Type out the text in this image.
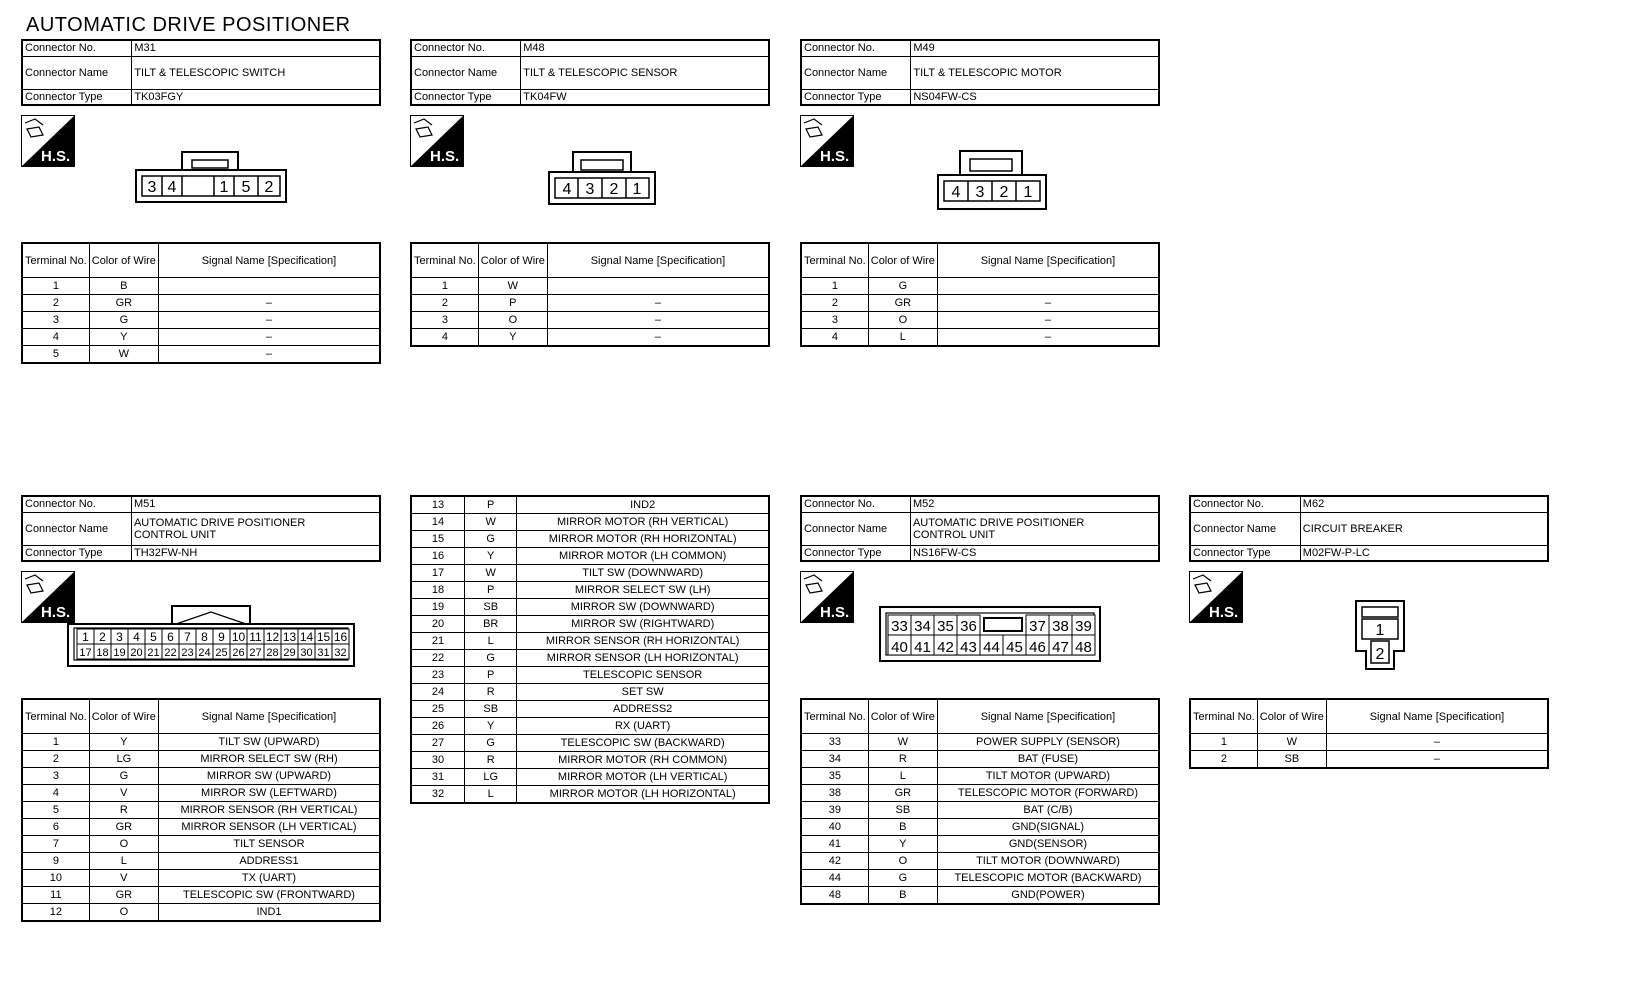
AUTOMATIC DRIVE POSITIONER
Connector No.	M31
Connector Name	TILT & TELESCOPIC SWITCH
Connector Type	TK03FGY
H.S.
3 4	1 5 2
Terminal No.	Color of Wire	Signal Name [Specification]
1	B	
2	GR	–
3	G	–
4	Y	–
5	W	–
Connector No.	M48
Connector Name	TILT & TELESCOPIC SENSOR
Connector Type	TK04FW
H.S.
4 3 2 1
Terminal No.	Color of Wire	Signal Name [Specification]
1	W	
2	P	–
3	O	–
4	Y	–
Connector No.	M49
Connector Name	TILT & TELESCOPIC MOTOR
Connector Type	NS04FW-CS
H.S.
4 3 2 1
Terminal No.	Color of Wire	Signal Name [Specification]
1	G	
2	GR	–
3	O	–
4	L	–
Connector No.	M51
Connector Name	AUTOMATIC DRIVE POSITIONER
CONTROL UNIT

Connector Type	TH32FW-NH
H.S.
1 2 3 4 5 6 7 8 9 10 11 12 13 14 15 16
17 18 19 20 21 22 23 24 25 26 27 28 29 30 31 32
Terminal No.	Color of Wire	Signal Name [Specification]
1	Y	TILT SW (UPWARD)
2	LG	MIRROR SELECT SW (RH)
3	G	MIRROR SW (UPWARD)
4	V	MIRROR SW (LEFTWARD)
5	R	MIRROR SENSOR (RH VERTICAL)
6	GR	MIRROR SENSOR (LH VERTICAL)
7	O	TILT SENSOR
9	L	ADDRESS1
10	V	TX (UART)
11	GR	TELESCOPIC SW (FRONTWARD)
12	O	IND1
13	P	IND2
14	W	MIRROR MOTOR (RH VERTICAL)
15	G	MIRROR MOTOR (RH HORIZONTAL)
16	Y	MIRROR MOTOR (LH COMMON)
17	W	TILT SW (DOWNWARD)
18	P	MIRROR SELECT SW (LH)
19	SB	MIRROR SW (DOWNWARD)
20	BR	MIRROR SW (RIGHTWARD)
21	L	MIRROR SENSOR (RH HORIZONTAL)
22	G	MIRROR SENSOR (LH HORIZONTAL)
23	P	TELESCOPIC SENSOR
24	R	SET SW
25	SB	ADDRESS2
26	Y	RX (UART)
27	G	TELESCOPIC SW (BACKWARD)
30	R	MIRROR MOTOR (RH COMMON)
31	LG	MIRROR MOTOR (LH VERTICAL)
32	L	MIRROR MOTOR (LH HORIZONTAL)
Connector No.	M52
Connector Name	AUTOMATIC DRIVE POSITIONER
CONTROL UNIT

Connector Type	NS16FW-CS
H.S.
33 34 35 36	37 38 39
40 41 42 43 44 45 46 47 48
Terminal No.	Color of Wire	Signal Name [Specification]
33	W	POWER SUPPLY (SENSOR)
34	R	BAT (FUSE)
35	L	TILT MOTOR (UPWARD)
38	GR	TELESCOPIC MOTOR (FORWARD)
39	SB	BAT (C/B)
40	B	GND(SIGNAL)
41	Y	GND(SENSOR)
42	O	TILT MOTOR (DOWNWARD)
44	G	TELESCOPIC MOTOR (BACKWARD)
48	B	GND(POWER)
Connector No.	M62
Connector Name	CIRCUIT BREAKER
Connector Type	M02FW-P-LC
H.S.
1
2
Terminal No.	Color of Wire	Signal Name [Specification]
1	W	–
2	SB	–
